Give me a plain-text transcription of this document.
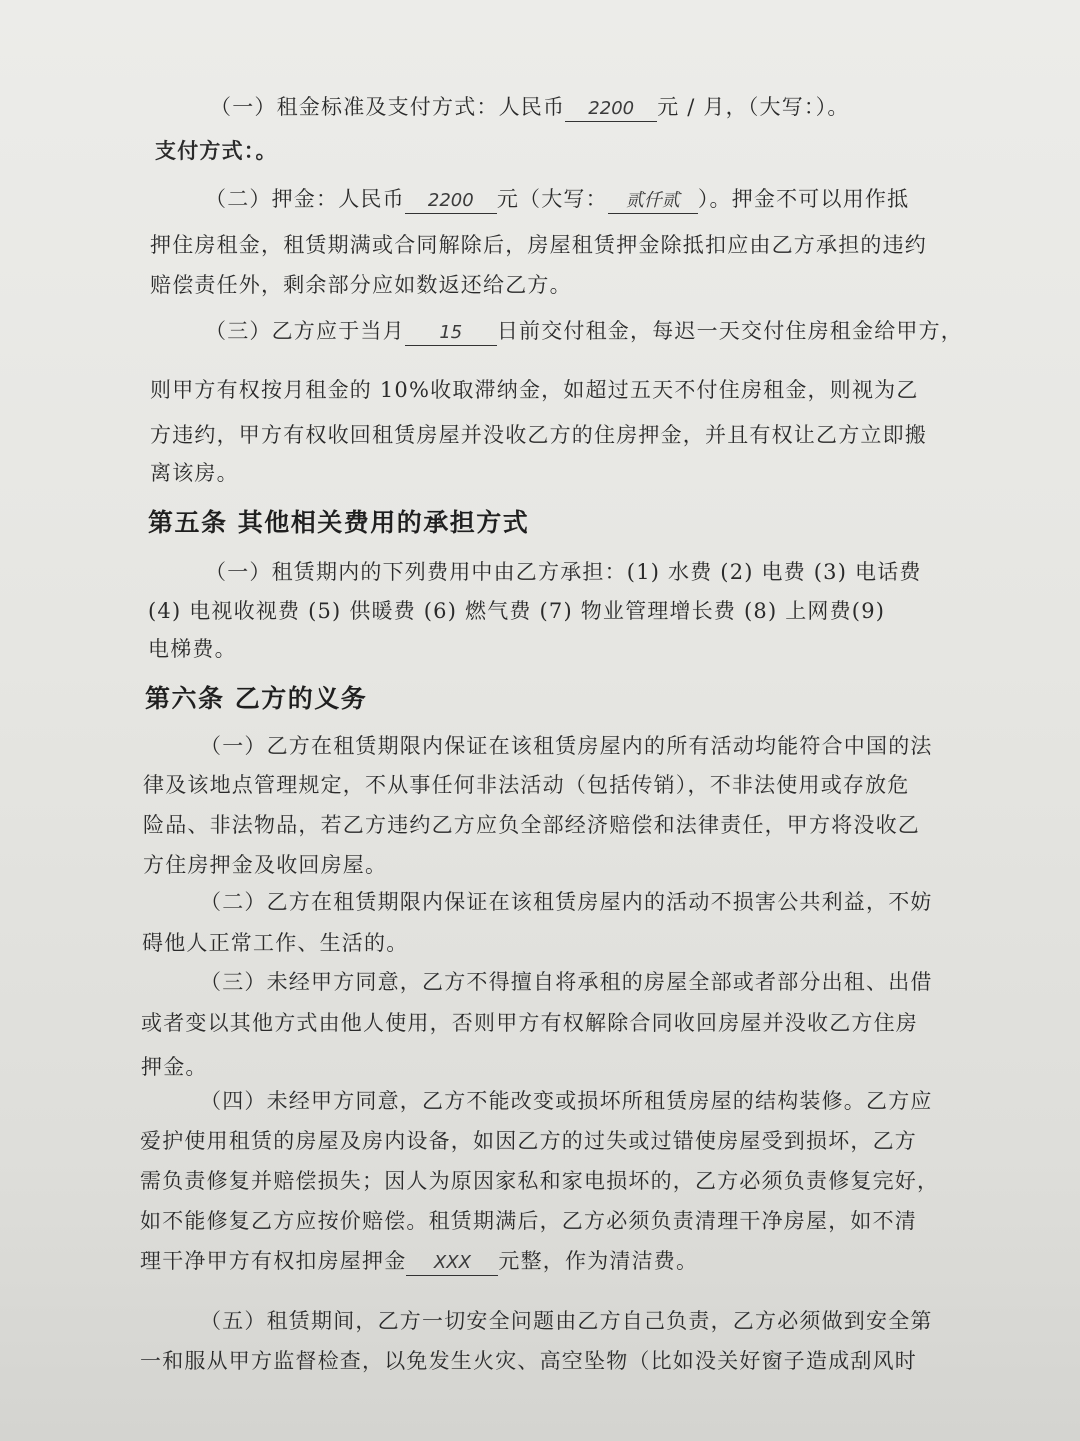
（一）租金标准及支付方式：人民币 2200 元 / 月，（大写：）。
支付方式：。
（二）押金：人民币 2200 元（大写： 贰仟贰 ）。押金不可以用作抵
押住房租金，租赁期满或合同解除后，房屋租赁押金除抵扣应由乙方承担的违约
赔偿责任外，剩余部分应如数返还给乙方。
（三）乙方应于当月 15 日前交付租金，每迟一天交付住房租金给甲方，
则甲方有权按月租金的 10%收取滞纳金，如超过五天不付住房租金，则视为乙
方违约，甲方有权收回租赁房屋并没收乙方的住房押金，并且有权让乙方立即搬
离该房。
第五条 其他相关费用的承担方式
（一）租赁期内的下列费用中由乙方承担：(1) 水费 (2) 电费 (3) 电话费
(4) 电视收视费 (5) 供暖费 (6) 燃气费 (7) 物业管理增长费 (8) 上网费(9)
电梯费。
第六条 乙方的义务
（一）乙方在租赁期限内保证在该租赁房屋内的所有活动均能符合中国的法
律及该地点管理规定，不从事任何非法活动（包括传销），不非法使用或存放危
险品、非法物品，若乙方违约乙方应负全部经济赔偿和法律责任，甲方将没收乙
方住房押金及收回房屋。
（二）乙方在租赁期限内保证在该租赁房屋内的活动不损害公共利益，不妨
碍他人正常工作、生活的。
（三）未经甲方同意，乙方不得擅自将承租的房屋全部或者部分出租、出借
或者变以其他方式由他人使用，否则甲方有权解除合同收回房屋并没收乙方住房
押金。
（四）未经甲方同意，乙方不能改变或损坏所租赁房屋的结构装修。乙方应
爱护使用租赁的房屋及房内设备，如因乙方的过失或过错使房屋受到损坏，乙方
需负责修复并赔偿损失；因人为原因家私和家电损坏的，乙方必须负责修复完好，
如不能修复乙方应按价赔偿。租赁期满后，乙方必须负责清理干净房屋，如不清
理干净甲方有权扣房屋押金 XXX 元整，作为清洁费。
（五）租赁期间，乙方一切安全问题由乙方自己负责，乙方必须做到安全第
一和服从甲方监督检查，以免发生火灾、高空坠物（比如没关好窗子造成刮风时
